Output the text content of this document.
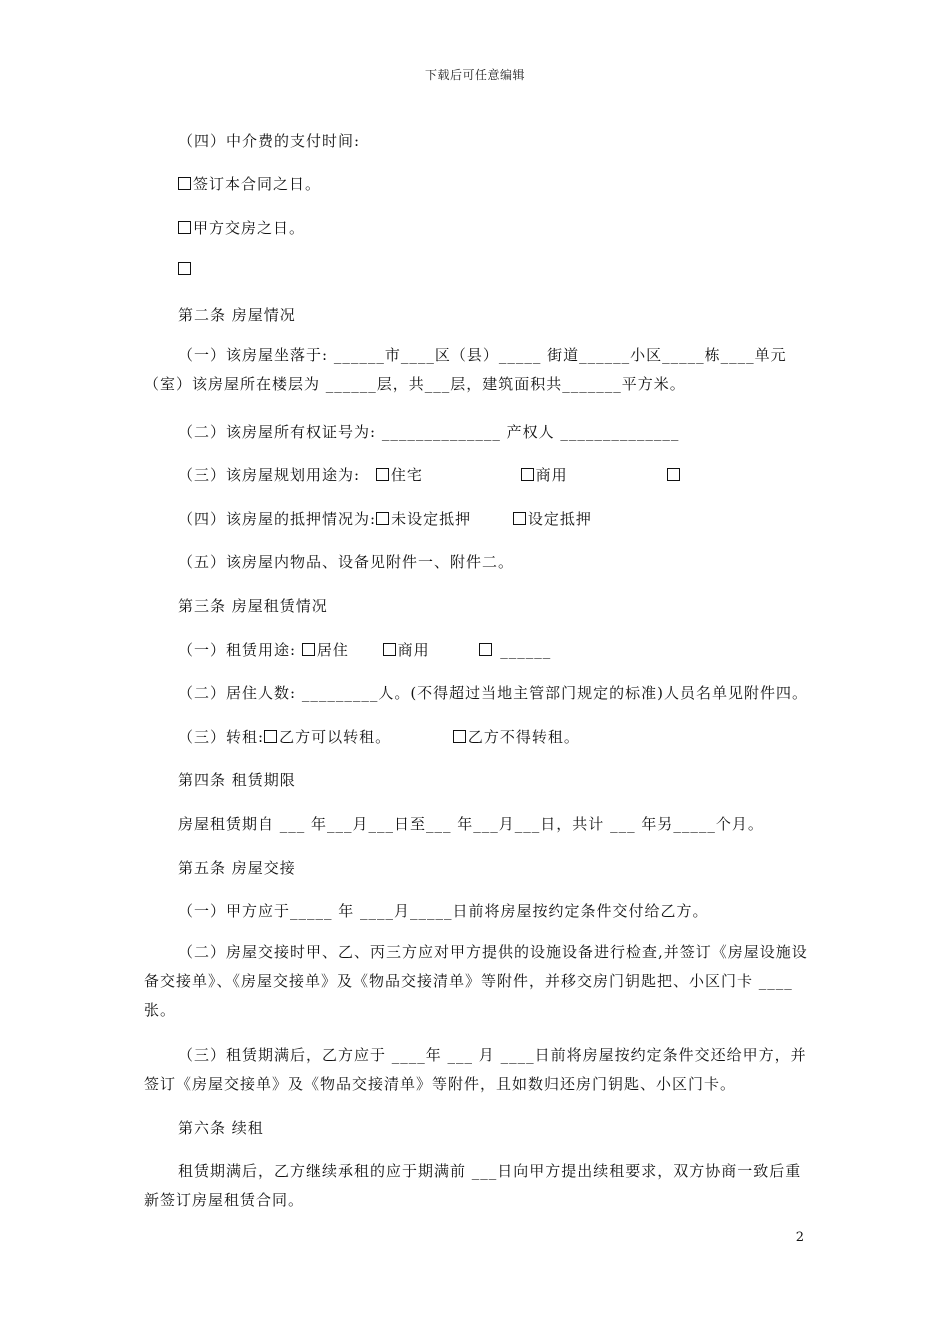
下载后可任意编辑
（四）中介费的支付时间:
签订本合同之日。
甲方交房之日。
第二条 房屋情况
（一）该房屋坐落于: ______市____区（县）_____ 街道______小区_____栋____单元（室）该房屋所在楼层为 ______层，共___层，建筑面积共_______平方米。
（二）该房屋所有权证号为: ______________ 产权人 ______________
（三）该房屋规划用途为: 住宅	商用
（四）该房屋的抵押情况为: 未设定抵押	设定抵押
（五）该房屋内物品、设备见附件一、附件二。
第三条 房屋租赁情况
（一）租赁用途: 居住	商用	______
（二）居住人数: _________人。(不得超过当地主管部门规定的标准)人员名单见附件四。
（三）转租: 乙方可以转租。	乙方不得转租。
第四条 租赁期限
房屋租赁期自 ___ 年___月___日至___ 年___月___日，共计 ___ 年另_____个月。
第五条 房屋交接
（一）甲方应于_____ 年 ____月_____日前将房屋按约定条件交付给乙方。
（二）房屋交接时甲、乙、丙三方应对甲方提供的设施设备进行检查,并签订《房屋设施设备交接单》、《房屋交接单》及《物品交接清单》等附件，并移交房门钥匙把、小区门卡 ____张。
（三）租赁期满后，乙方应于 ____年 ___ 月 ____日前将房屋按约定条件交还给甲方，并签订《房屋交接单》及《物品交接清单》等附件，且如数归还房门钥匙、小区门卡。
第六条 续租
租赁期满后，乙方继续承租的应于期满前 ___日向甲方提出续租要求，双方协商一致后重新签订房屋租赁合同。
2
